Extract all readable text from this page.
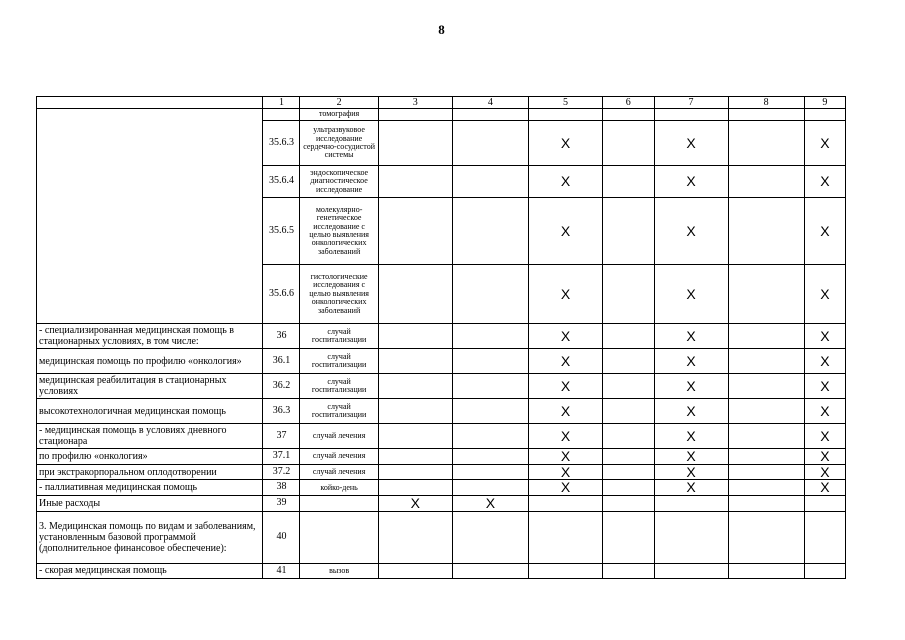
8
	1	2	3	4	5	6	7	8	9
		томография							
	35.6.3	ультразвуковое исследование сердечно-сосудистой системы			X		X		X
	35.6.4	эндоскопическое диагностическое исследование			X		X		X
	35.6.5	молекулярно-генетическое исследование с целью выявления онкологических заболеваний			X		X		X
	35.6.6	гистологические исследования с целью выявления онкологических заболеваний			X		X		X
- специализированная медицинская помощь в стационарных условиях, в том числе:	36	случай госпитализации			X		X		X
медицинская помощь по профилю «онкология»	36.1	случай госпитализации			X		X		X
медицинская реабилитация в стационарных условиях	36.2	случай госпитализации			X		X		X
высокотехнологичная медицинская помощь	36.3	случай госпитализации			X		X		X
- медицинская помощь в условиях дневного стационара	37	случай лечения			X		X		X
по профилю «онкология»	37.1	случай лечения			X		X		X
при экстракорпоральном оплодотворении	37.2	случай лечения			X		X		X
- паллиативная медицинская помощь	38	койко-день			X		X		X
Иные расходы	39		X	X					
3. Медицинская помощь по видам и заболеваниям, установленным базовой программой (дополнительное финансовое обеспечение):	40								
- скорая медицинская помощь	41	вызов							
